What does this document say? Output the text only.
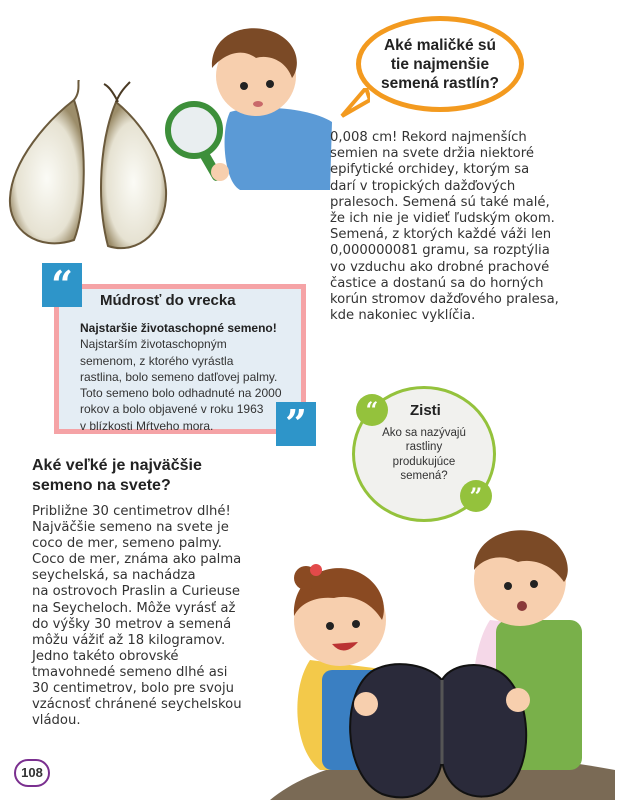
Aké maličké sú
tie najmenšie
semená rastlín?
0,008 cm! Rekord najmenších
semien na svete držia niektoré
epifytické orchidey, ktorým sa
darí v tropických dažďových
pralesoch. Semená sú také malé,
že ich nie je vidieť ľudským okom.
Semená, z ktorých každé váži len
0,000000081 gramu, sa rozptýlia
vo vzduchu ako drobné prachové
častice a dostanú sa do horných
korún stromov dažďového pralesa,
kde nakoniec vyklíčia.
“	Múdrosť do vrecka
Najstaršie životaschopné semeno!
Najstarším životaschopným
semenom, z ktorého vyrástla
rastlina, bolo semeno datľovej palmy.
Toto semeno bolo odhadnuté na 2000
rokov a bolo objavené v roku 1963
v blízkosti Mŕtveho mora.	”	“	Zisti
Ako sa nazývajú
rastliny
produkujúce
semená?
”
Aké veľké je najväčšie
semeno na svete?
Približne 30 centimetrov dlhé!
Najväčšie semeno na svete je
coco de mer, semeno palmy.
Coco de mer, známa ako palma
seychelská, sa nachádza
na ostrovoch Praslin a Curieuse
na Seycheloch. Môže vyrásť až
do výšky 30 metrov a semená
môžu vážiť až 18 kilogramov.
Jedno takéto obrovské
tmavohnedé semeno dlhé asi
30 centimetrov, bolo pre svoju
vzácnosť chránené seychelskou
vládou.
108
